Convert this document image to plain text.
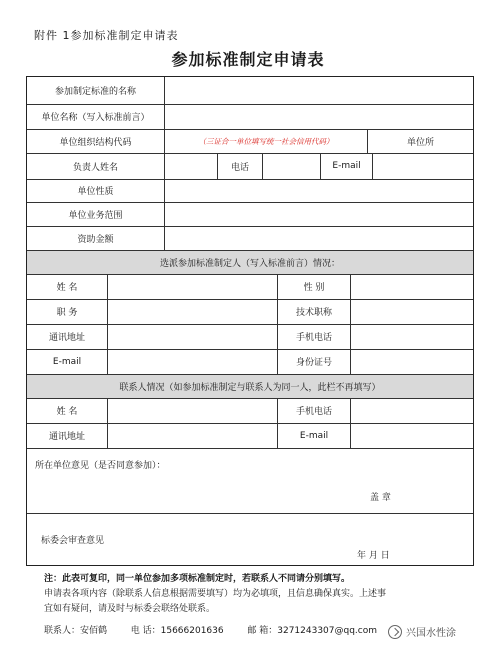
附件 1参加标准制定申请表
参加标准制定申请表
参加制定标准的名称
单位名称（写入标准前言）
单位组织结构代码	（三证合一单位填写统一社会信用代码）	单位所
负责人姓名	电话	E-mail
单位性质
单位业务范围
资助金额
选派参加标准制定人（写入标准前言）情况：
姓 名	性 别
职 务	技术职称
通讯地址	手机电话
E-mail	身份证号
联系人情况（如参加标准制定与联系人为同一人，此栏不再填写）
姓 名	手机电话
通讯地址	E-mail
所在单位意见（是否同意参加）：
盖 章
标委会审查意见
年 月 日
注：此表可复印，同一单位参加多项标准制定时，若联系人不同请分别填写。
申请表各项内容（除联系人信息根据需要填写）均为必填项，且信息确保真实。上述事
宜如有疑问，请及时与标委会联络处联系。
联系人：安佰鹤	电 话：15666201636	邮 箱：3271243307@qq.com	兴国水性涂
